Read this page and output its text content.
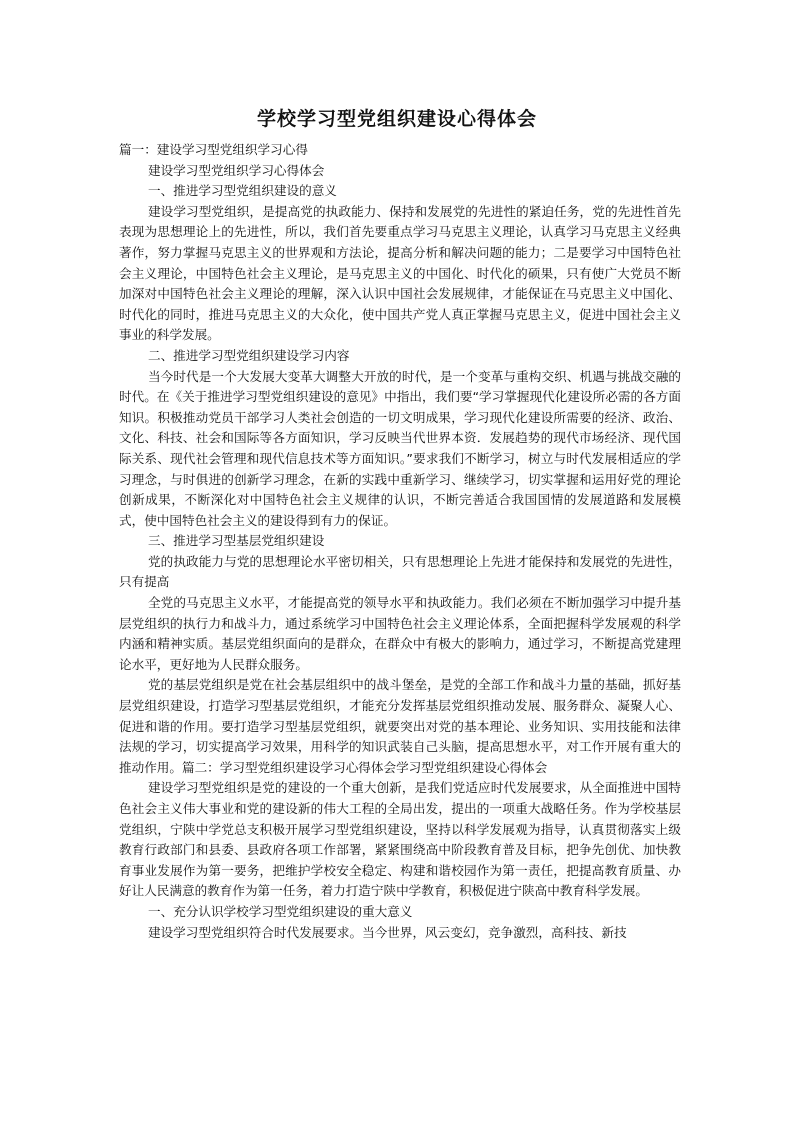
学校学习型党组织建设心得体会

篇一：建设学习型党组织学习心得

建设学习型党组织学习心得体会

一、推进学习型党组织建设的意义

建设学习型党组织，是提高党的执政能力、保持和发展党的先进性的紧迫任务，党的先进性首先表现为思想理论上的先进性，所以，我们首先要重点学习马克思主义理论，认真学习马克思主义经典著作，努力掌握马克思主义的世界观和方法论，提高分析和解决问题的能力；二是要学习中国特色社会主义理论，中国特色社会主义理论，是马克思主义的中国化、时代化的硕果，只有使广大党员不断加深对中国特色社会主义理论的理解，深入认识中国社会发展规律，才能保证在马克思主义中国化、时代化的同时，推进马克思主义的大众化，使中国共产党人真正掌握马克思主义，促进中国社会主义事业的科学发展。

二、推进学习型党组织建设学习内容

当今时代是一个大发展大变革大调整大开放的时代，是一个变革与重构交织、机遇与挑战交融的时代。在《关于推进学习型党组织建设的意见》中指出，我们要“学习掌握现代化建设所必需的各方面知识。积极推动党员干部学习人类社会创造的一切文明成果，学习现代化建设所需要的经济、政治、文化、科技、社会和国际等各方面知识，学习反映当代世界本资．发展趋势的现代市场经济、现代国际关系、现代社会管理和现代信息技术等方面知识。”要求我们不断学习，树立与时代发展相适应的学习理念，与时俱进的创新学习理念，在新的实践中重新学习、继续学习，切实掌握和运用好党的理论创新成果，不断深化对中国特色社会主义规律的认识，不断完善适合我国国情的发展道路和发展模式，使中国特色社会主义的建设得到有力的保证。

三、推进学习型基层党组织建设

党的执政能力与党的思想理论水平密切相关，只有思想理论上先进才能保持和发展党的先进性，只有提高

全党的马克思主义水平，才能提高党的领导水平和执政能力。我们必须在不断加强学习中提升基层党组织的执行力和战斗力，通过系统学习中国特色社会主义理论体系，全面把握科学发展观的科学内涵和精神实质。基层党组织面向的是群众，在群众中有极大的影响力，通过学习，不断提高党建理论水平，更好地为人民群众服务。

党的基层党组织是党在社会基层组织中的战斗堡垒，是党的全部工作和战斗力量的基础，抓好基层党组织建设，打造学习型基层党组织，才能充分发挥基层党组织推动发展、服务群众、凝聚人心、促进和谐的作用。要打造学习型基层党组织，就要突出对党的基本理论、业务知识、实用技能和法律法规的学习，切实提高学习效果，用科学的知识武装自己头脑，提高思想水平，对工作开展有重大的推动作用。篇二：学习型党组织建设学习心得体会学习型党组织建设心得体会

建设学习型党组织是党的建设的一个重大创新，是我们党适应时代发展要求，从全面推进中国特色社会主义伟大事业和党的建设新的伟大工程的全局出发，提出的一项重大战略任务。作为学校基层党组织，宁陕中学党总支积极开展学习型党组织建设，坚持以科学发展观为指导，认真贯彻落实上级教育行政部门和县委、县政府各项工作部署，紧紧围绕高中阶段教育普及目标，把争先创优、加快教育事业发展作为第一要务，把维护学校安全稳定、构建和谐校园作为第一责任，把提高教育质量、办好让人民满意的教育作为第一任务，着力打造宁陕中学教育，积极促进宁陕高中教育科学发展。

一、充分认识学校学习型党组织建设的重大意义

建设学习型党组织符合时代发展要求。当今世界，风云变幻，竞争激烈，高科技、新技
